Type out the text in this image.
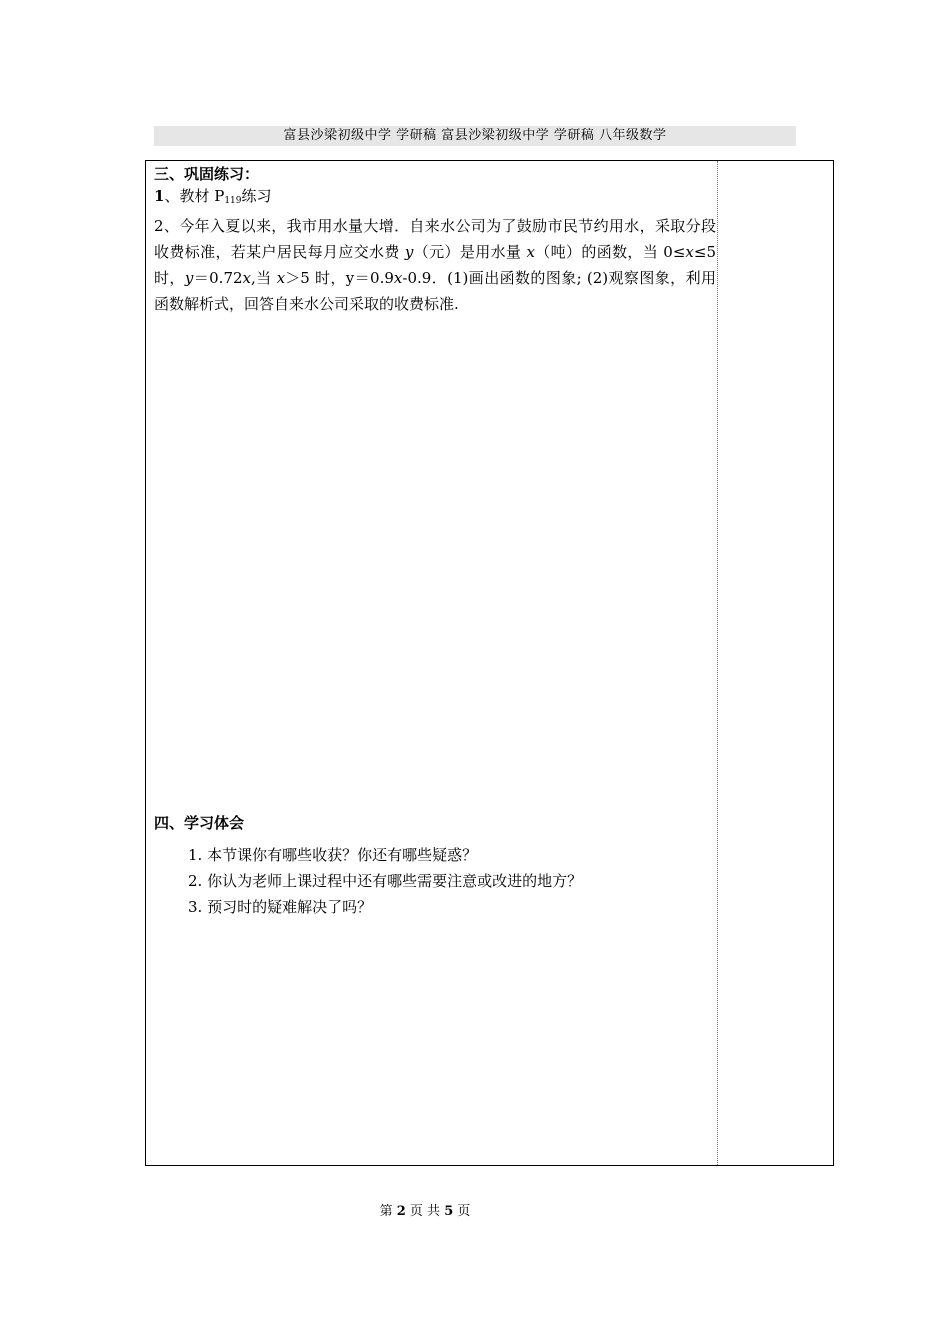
富县沙梁初级中学 学研稿 富县沙梁初级中学 学研稿 八年级数学
三、巩固练习：
1、教材 $P_{119}$练习
2、今年入夏以来，我市用水量大增．自来水公司为了鼓励市民节约用水，采取分段收费标准，若某户居民每月应交水费 y（元）是用水量 x（吨）的函数，当 0≤x≤5 时，y＝0.72x,当 x＞5 时，y＝0.9x-0.9．(1)画出函数的图象; (2)观察图象，利用函数解析式，回答自来水公司采取的收费标准.
四、学习体会
1. 本节课你有哪些收获？你还有哪些疑惑？
2. 你认为老师上课过程中还有哪些需要注意或改进的地方？
3. 预习时的疑难解决了吗？
第 2 页 共 5 页
